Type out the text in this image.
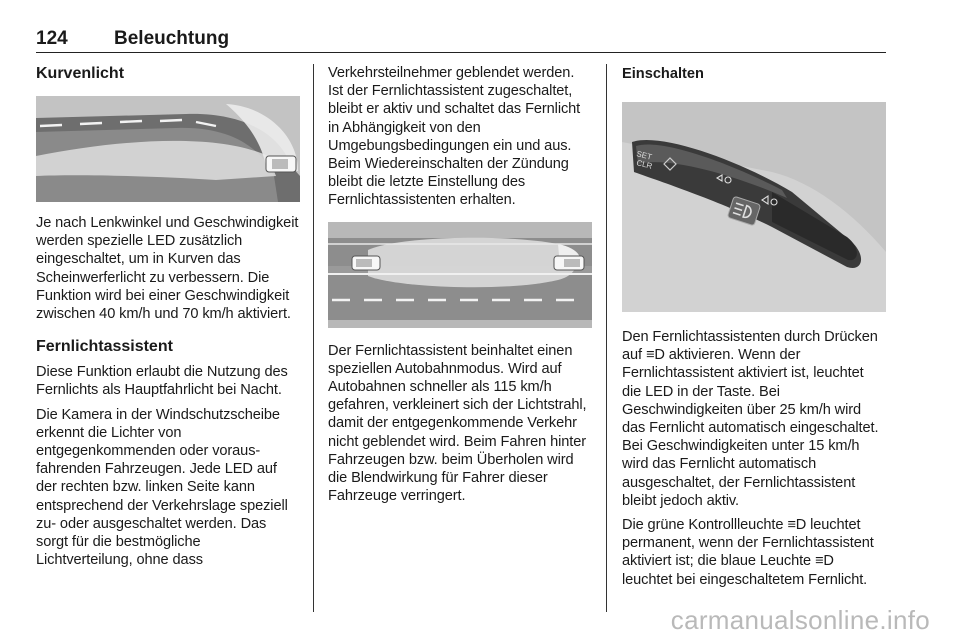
124 Beleuchtung
Kurvenlicht

Je nach Lenkwinkel und Geschwindigkeit werden spezielle LED zusätzlich eingeschaltet, um in Kurven das Scheinwerferlicht zu verbessern. Die Funktion wird bei einer Geschwindigkeit zwischen 40 km/h und 70 km/h aktiviert.

Fernlichtassistent

Diese Funktion erlaubt die Nutzung des Fernlichts als Hauptfahrlicht bei Nacht.

Die Kamera in der Windschutzscheibe erkennt die Lichter von entgegenkommenden oder vorausfahrenden Fahrzeugen. Jede LED auf der rechten bzw. linken Seite kann entsprechend der Verkehrslage speziell zu- oder ausgeschaltet werden. Das sorgt für die bestmögliche Lichtverteilung, ohne dass

Verkehrsteilnehmer geblendet werden. Ist der Fernlichtassistent zugeschaltet, bleibt er aktiv und schaltet das Fernlicht in Abhängigkeit von den Umgebungsbedingungen ein und aus. Beim Wiedereinschalten der Zündung bleibt die letzte Einstellung des Fernlichtassistenten erhalten.

Der Fernlichtassistent beinhaltet einen speziellen Autobahnmodus. Wird auf Autobahnen schneller als 115 km/h gefahren, verkleinert sich der Lichtstrahl, damit der entgegenkommende Verkehr nicht geblendet wird. Beim Fahren hinter Fahrzeugen bzw. beim Überholen wird die Blendwirkung für Fahrer dieser Fahrzeuge verringert.

Einschalten
SET
CLR

Den Fernlichtassistenten durch Drücken auf ≡D aktivieren. Wenn der Fernlichtassistent aktiviert ist, leuchtet die LED in der Taste. Bei Geschwindigkeiten über 25 km/h wird das Fernlicht automatisch eingeschaltet. Bei Geschwindigkeiten unter 15 km/h wird das Fernlicht automatisch ausgeschaltet, der Fernlichtassistent bleibt jedoch aktiv.

Die grüne Kontrollleuchte ≡D leuchtet permanent, wenn der Fernlichtassistent aktiviert ist; die blaue Leuchte ≡D leuchtet bei eingeschaltetem Fernlicht.

carmanualsonline.info
